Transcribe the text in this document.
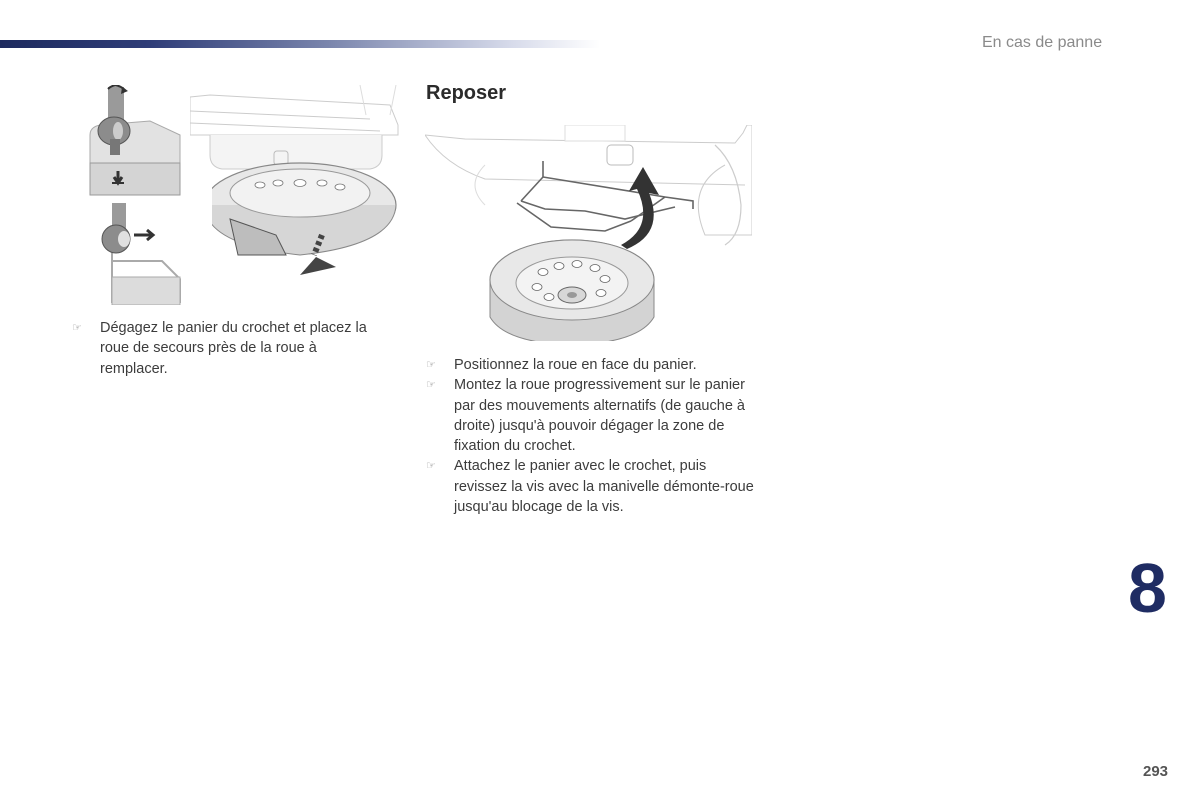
En cas de panne
Reposer
☞ Dégagez le panier du crochet et placez la roue de secours près de la roue à remplacer.	☞ Positionnez la roue en face du panier.
☞ Montez la roue progressivement sur le panier par des mouvements alternatifs (de gauche à droite) jusqu'à pouvoir dégager la zone de fixation du crochet.
☞ Attachez le panier avec le crochet, puis revissez la vis avec la manivelle démonte-roue jusqu'au blocage de la vis.
8
293
